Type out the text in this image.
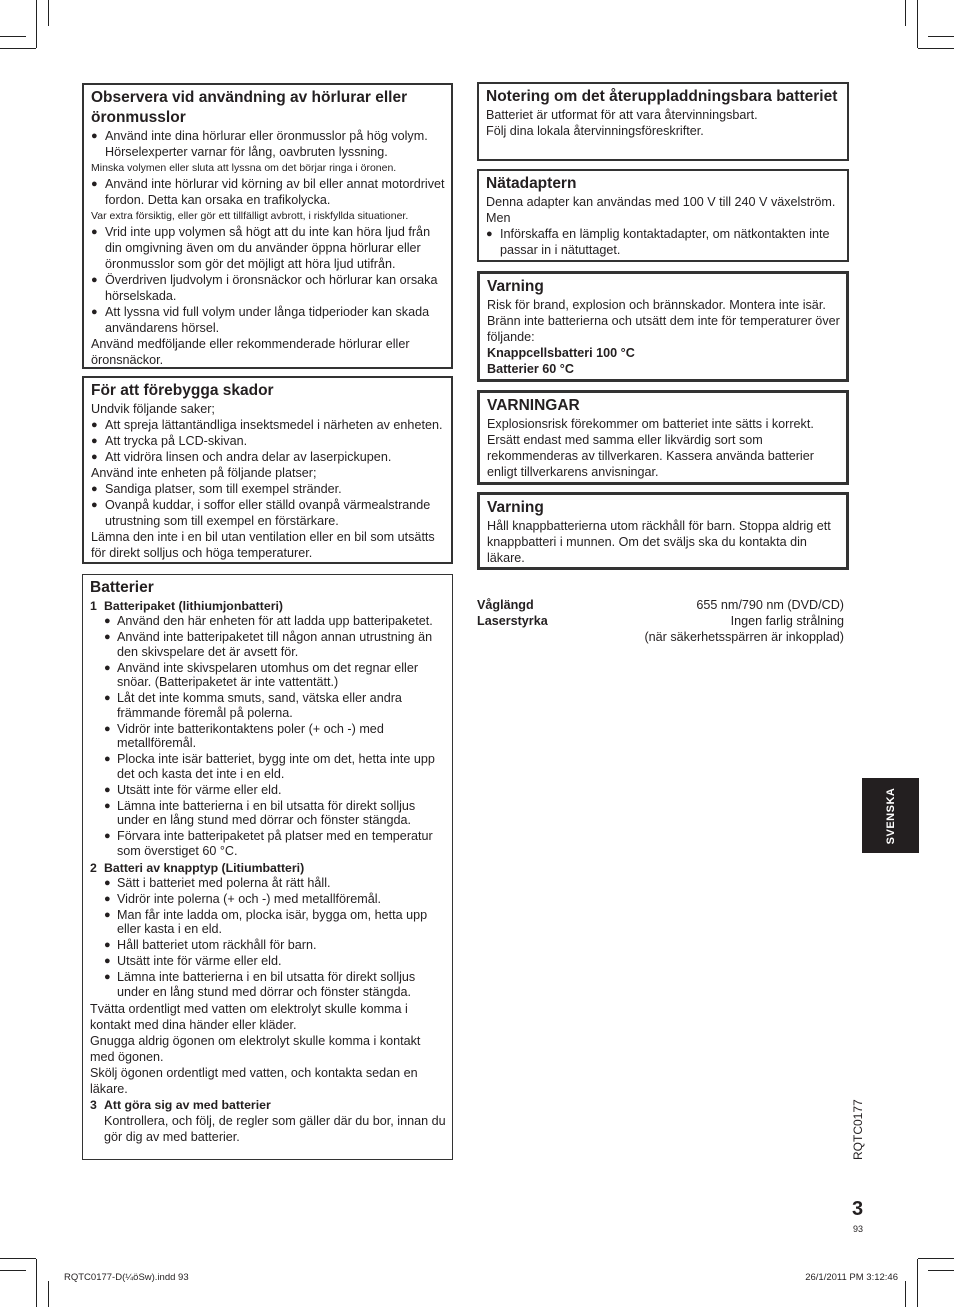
Observera vid användning av hörlurar eller öronmusslor
● Använd inte dina hörlurar eller öronmusslor på hög volym. Hörselexperter varnar för lång, oavbruten lyssning.
Minska volymen eller sluta att lyssna om det börjar ringa i öronen.
● Använd inte hörlurar vid körning av bil eller annat motordrivet fordon. Detta kan orsaka en trafikolycka.
Var extra försiktig, eller gör ett tillfälligt avbrott, i riskfyllda situationer.
● Vrid inte upp volymen så högt att du inte kan höra ljud från din omgivning även om du använder öppna hörlurar eller öronmusslor som gör det möjligt att höra ljud utifrån.
● Överdriven ljudvolym i öronsnäckor och hörlurar kan orsaka hörselskada.
● Att lyssna vid full volym under långa tidperioder kan skada användarens hörsel.
Använd medföljande eller rekommenderade hörlurar eller öronsnäckor.
För att förebygga skador
Undvik följande saker;
● Att spreja lättantändliga insektsmedel i närheten av enheten.
● Att trycka på LCD-skivan.
● Att vidröra linsen och andra delar av laserpickupen.
Använd inte enheten på följande platser;
● Sandiga platser, som till exempel stränder.
● Ovanpå kuddar, i soffor eller ställd ovanpå värmealstrande utrustning som till exempel en förstärkare.
Lämna den inte i en bil utan ventilation eller en bil som utsätts för direkt solljus och höga temperaturer.
Batterier
1 Batteripaket (lithiumjonbatteri)
● Använd den här enheten för att ladda upp batteripaketet.
● Använd inte batteripaketet till någon annan utrustning än den skivspelare det är avsett för.
● Använd inte skivspelaren utomhus om det regnar eller snöar. (Batteripaketet är inte vattentätt.)
● Låt det inte komma smuts, sand, vätska eller andra främmande föremål på polerna.
● Vidrör inte batterikontaktens poler (+ och -) med metallföremål.
● Plocka inte isär batteriet, bygg inte om det, hetta inte upp det och kasta det inte i en eld.
● Utsätt inte för värme eller eld.
● Lämna inte batterierna i en bil utsatta för direkt solljus under en lång stund med dörrar och fönster stängda.
● Förvara inte batteripaketet på platser med en temperatur som överstiget 60 °C.
2 Batteri av knapptyp (Litiumbatteri)
● Sätt i batteriet med polerna åt rätt håll.
● Vidrör inte polerna (+ och -) med metallföremål.
● Man får inte ladda om, plocka isär, bygga om, hetta upp eller kasta i en eld.
● Håll batteriet utom räckhåll för barn.
● Utsätt inte för värme eller eld.
● Lämna inte batterierna i en bil utsatta för direkt solljus under en lång stund med dörrar och fönster stängda.
Tvätta ordentligt med vatten om elektrolyt skulle komma i kontakt med dina händer eller kläder.
Gnugga aldrig ögonen om elektrolyt skulle komma i kontakt med ögonen.
Skölj ögonen ordentligt med vatten, och kontakta sedan en läkare.
3 Att göra sig av med batterier
Kontrollera, och följ, de regler som gäller där du bor, innan du gör dig av med batterier.
Notering om det återuppladdningsbara batteriet
Batteriet är utformat för att vara återvinningsbart.
Följ dina lokala återvinningsföreskrifter.
Nätadaptern
Denna adapter kan användas med 100 V till 240 V växelström.
Men
● Införskaffa en lämplig kontaktadapter, om nätkontakten inte passar in i nätuttaget.
Varning
Risk för brand, explosion och brännskador. Montera inte isär.
Bränn inte batterierna och utsätt dem inte för temperaturer över följande:
Knappcellsbatteri 100 °C
Batterier 60 °C
VARNINGAR
Explosionsrisk förekommer om batteriet inte sätts i korrekt. Ersätt endast med samma eller likvärdig sort som rekommenderas av tillverkaren. Kassera använda batterier enligt tillverkarens anvisningar.
Varning
Håll knappbatterierna utom räckhåll för barn. Stoppa aldrig ett knappbatteri i munnen. Om det sväljs ska du kontakta din läkare.
Våglängd	655 nm/790 nm (DVD/CD)
Laserstyrka	Ingen farlig strålning
(när säkerhetsspärren är inkopplad)
SVENSKA
RQTC0177
3
93
RQTC0177-D(¼öSw).indd 93	26/1/2011 PM 3:12:46
